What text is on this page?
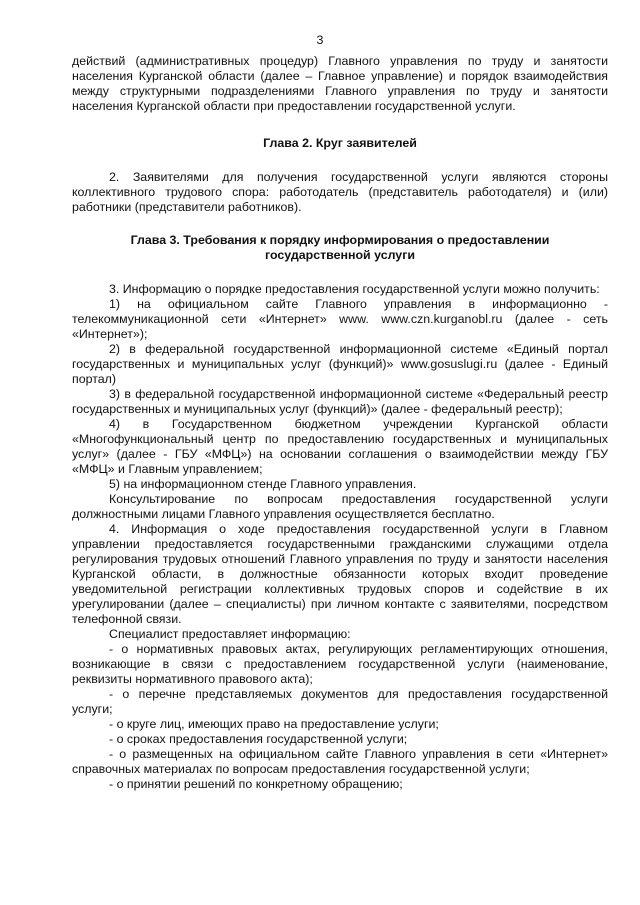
3

действий (административных процедур) Главного управления по труду и занятости населения Курганской области (далее – Главное управление) и порядок взаимодействия между структурными подразделениями Главного управления по труду и занятости населения Курганской области при предоставлении государственной услуги.

Глава 2. Круг заявителей

2. Заявителями для получения государственной услуги являются стороны коллективного трудового спора: работодатель (представитель работодателя) и (или) работники (представители работников).

Глава 3. Требования к порядку информирования о предоставлении
государственной услуги

3. Информацию о порядке предоставления государственной услуги можно получить:

1) на официальном сайте Главного управления в информационно - телекоммуникационной сети «Интернет» www. www.czn.kurganobl.ru (далее - сеть «Интернет»);

2) в федеральной государственной информационной системе «Единый портал государственных и муниципальных услуг (функций)» www.gosuslugi.ru (далее - Единый портал)

3) в федеральной государственной информационной системе «Федеральный реестр государственных и муниципальных услуг (функций)» (далее - федеральный реестр);

4) в Государственном бюджетном учреждении Курганской области «Многофункциональный центр по предоставлению государственных и муниципальных услуг» (далее - ГБУ «МФЦ») на основании соглашения о взаимодействии между ГБУ «МФЦ» и Главным управлением;

5) на информационном стенде Главного управления.

Консультирование по вопросам предоставления государственной услуги должностными лицами Главного управления осуществляется бесплатно.

4. Информация о ходе предоставления государственной услуги в Главном управлении предоставляется государственными гражданскими служащими отдела регулирования трудовых отношений Главного управления по труду и занятости населения Курганской области, в должностные обязанности которых входит проведение уведомительной регистрации коллективных трудовых споров и содействие в их урегулировании (далее – специалисты) при личном контакте с заявителями, посредством телефонной связи.

Специалист предоставляет информацию:

- о нормативных правовых актах, регулирующих регламентирующих отношения, возникающие в связи с предоставлением государственной услуги (наименование, реквизиты нормативного правового акта);

- о перечне представляемых документов для предоставления государственной услуги;

- о круге лиц, имеющих право на предоставление услуги;

- о сроках предоставления государственной услуги;

- о размещенных на официальном сайте Главного управления в сети «Интернет» справочных материалах по вопросам предоставления государственной услуги;

- о принятии решений по конкретному обращению;
